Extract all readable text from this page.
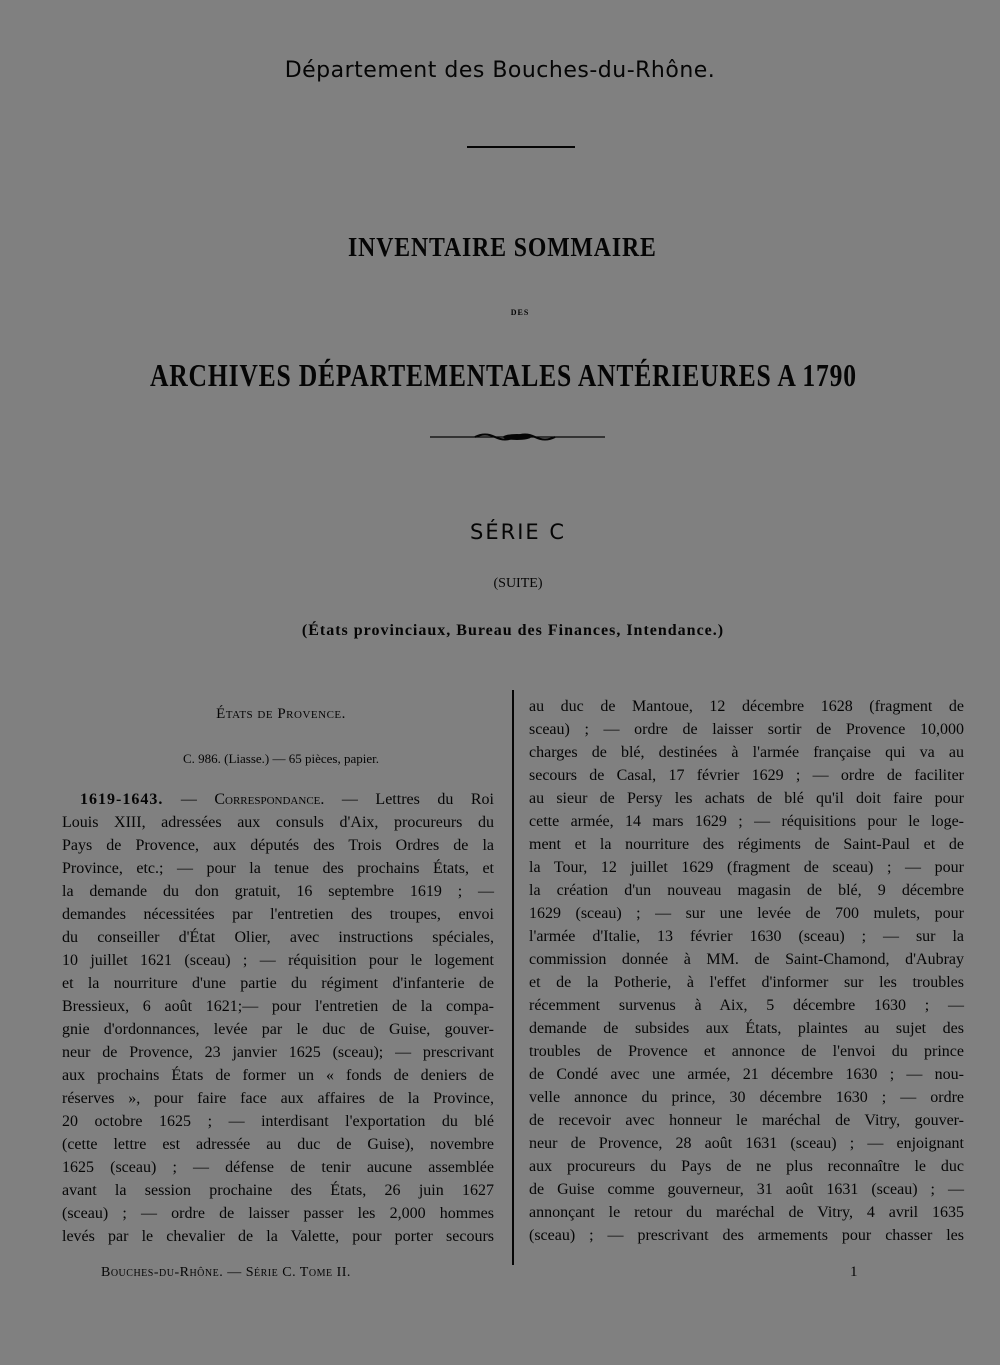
Département des Bouches-du-Rhône.
INVENTAIRE SOMMAIRE
DES
ARCHIVES DÉPARTEMENTALES ANTÉRIEURES A 1790
SÉRIE C
(SUITE)
(États provinciaux, Bureau des Finances, Intendance.)
États de Provence.
C. 986. (Liasse.) — 65 pièces, papier.
1619-1643. — Correspondance. — Lettres du Roi
Louis XIII, adressées aux consuls d'Aix, procureurs du
Pays de Provence, aux députés des Trois Ordres de la
Province, etc.; — pour la tenue des prochains États, et
la demande du don gratuit, 16 septembre 1619 ; —
demandes nécessitées par l'entretien des troupes, envoi
du conseiller d'État Olier, avec instructions spéciales,
10 juillet 1621 (sceau) ; — réquisition pour le logement
et la nourriture d'une partie du régiment d'infanterie de
Bressieux, 6 août 1621;— pour l'entretien de la compa-
gnie d'ordonnances, levée par le duc de Guise, gouver-
neur de Provence, 23 janvier 1625 (sceau); — prescrivant
aux prochains États de former un « fonds de deniers de
réserves », pour faire face aux affaires de la Province,
20 octobre 1625 ; — interdisant l'exportation du blé
(cette lettre est adressée au duc de Guise), novembre
1625 (sceau) ; — défense de tenir aucune assemblée
avant la session prochaine des États, 26 juin 1627
(sceau) ; — ordre de laisser passer les 2,000 hommes
levés par le chevalier de la Valette, pour porter secours
au duc de Mantoue, 12 décembre 1628 (fragment de
sceau) ; — ordre de laisser sortir de Provence 10,000
charges de blé, destinées à l'armée française qui va au
secours de Casal, 17 février 1629 ; — ordre de faciliter
au sieur de Persy les achats de blé qu'il doit faire pour
cette armée, 14 mars 1629 ; — réquisitions pour le loge-
ment et la nourriture des régiments de Saint-Paul et de
la Tour, 12 juillet 1629 (fragment de sceau) ; — pour
la création d'un nouveau magasin de blé, 9 décembre
1629 (sceau) ; — sur une levée de 700 mulets, pour
l'armée d'Italie, 13 février 1630 (sceau) ; — sur la
commission donnée à MM. de Saint-Chamond, d'Aubray
et de la Potherie, à l'effet d'informer sur les troubles
récemment survenus à Aix, 5 décembre 1630 ; —
demande de subsides aux États, plaintes au sujet des
troubles de Provence et annonce de l'envoi du prince
de Condé avec une armée, 21 décembre 1630 ; — nou-
velle annonce du prince, 30 décembre 1630 ; — ordre
de recevoir avec honneur le maréchal de Vitry, gouver-
neur de Provence, 28 août 1631 (sceau) ; — enjoignant
aux procureurs du Pays de ne plus reconnaître le duc
de Guise comme gouverneur, 31 août 1631 (sceau) ; —
annonçant le retour du maréchal de Vitry, 4 avril 1635
(sceau) ; — prescrivant des armements pour chasser les
Bouches-du-Rhône. — Série C. Tome II.	1
